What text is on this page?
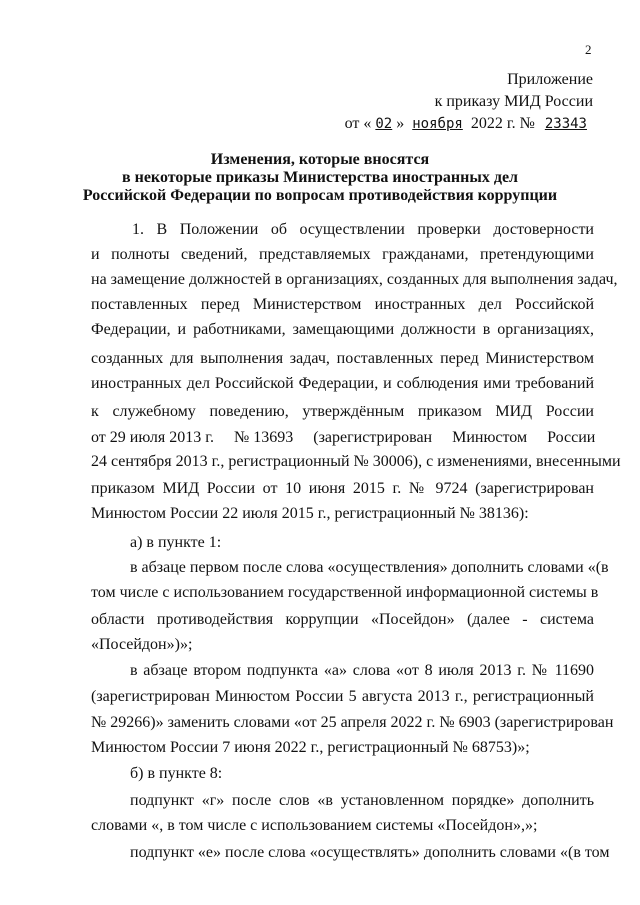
2
Приложение
к приказу МИД России
от « 02 » ноября 2022 г. № 23343
Изменения, которые вносятся
в некоторые приказы Министерства иностранных дел
Российской Федерации по вопросам противодействия коррупции
1. В Положении об осуществлении проверки достоверности
и полноты сведений, представляемых гражданами, претендующими
на замещение должностей в организациях, созданных для выполнения задач,
поставленных перед Министерством иностранных дел Российской
Федерации, и работниками, замещающими должности в организациях,
созданных для выполнения задач, поставленных перед Министерством
иностранных дел Российской Федерации, и соблюдения ими требований
к служебному поведению, утверждённым приказом МИД России
от 29 июля 2013 г.     № 13693     (зарегистрирован     Минюстом     России
24 сентября 2013 г., регистрационный № 30006), с изменениями, внесенными
приказом МИД России от 10 июня 2015 г. № 9724 (зарегистрирован
Минюстом России 22 июля 2015 г., регистрационный № 38136):
а) в пункте 1:
в абзаце первом после слова «осуществления» дополнить словами «(в
том числе с использованием государственной информационной системы в
области противодействия коррупции «Посейдон» (далее - система
«Посейдон»)»;
в абзаце втором подпункта «а» слова «от 8 июля 2013 г. № 11690
(зарегистрирован Минюстом России 5 августа 2013 г., регистрационный
№ 29266)» заменить словами «от 25 апреля 2022 г. № 6903 (зарегистрирован
Минюстом России 7 июня 2022 г., регистрационный № 68753)»;
б) в пункте 8:
подпункт «г» после слов «в установленном порядке» дополнить
словами «, в том числе с использованием системы «Посейдон»,»;
подпункт «е» после слова «осуществлять» дополнить словами «(в том
